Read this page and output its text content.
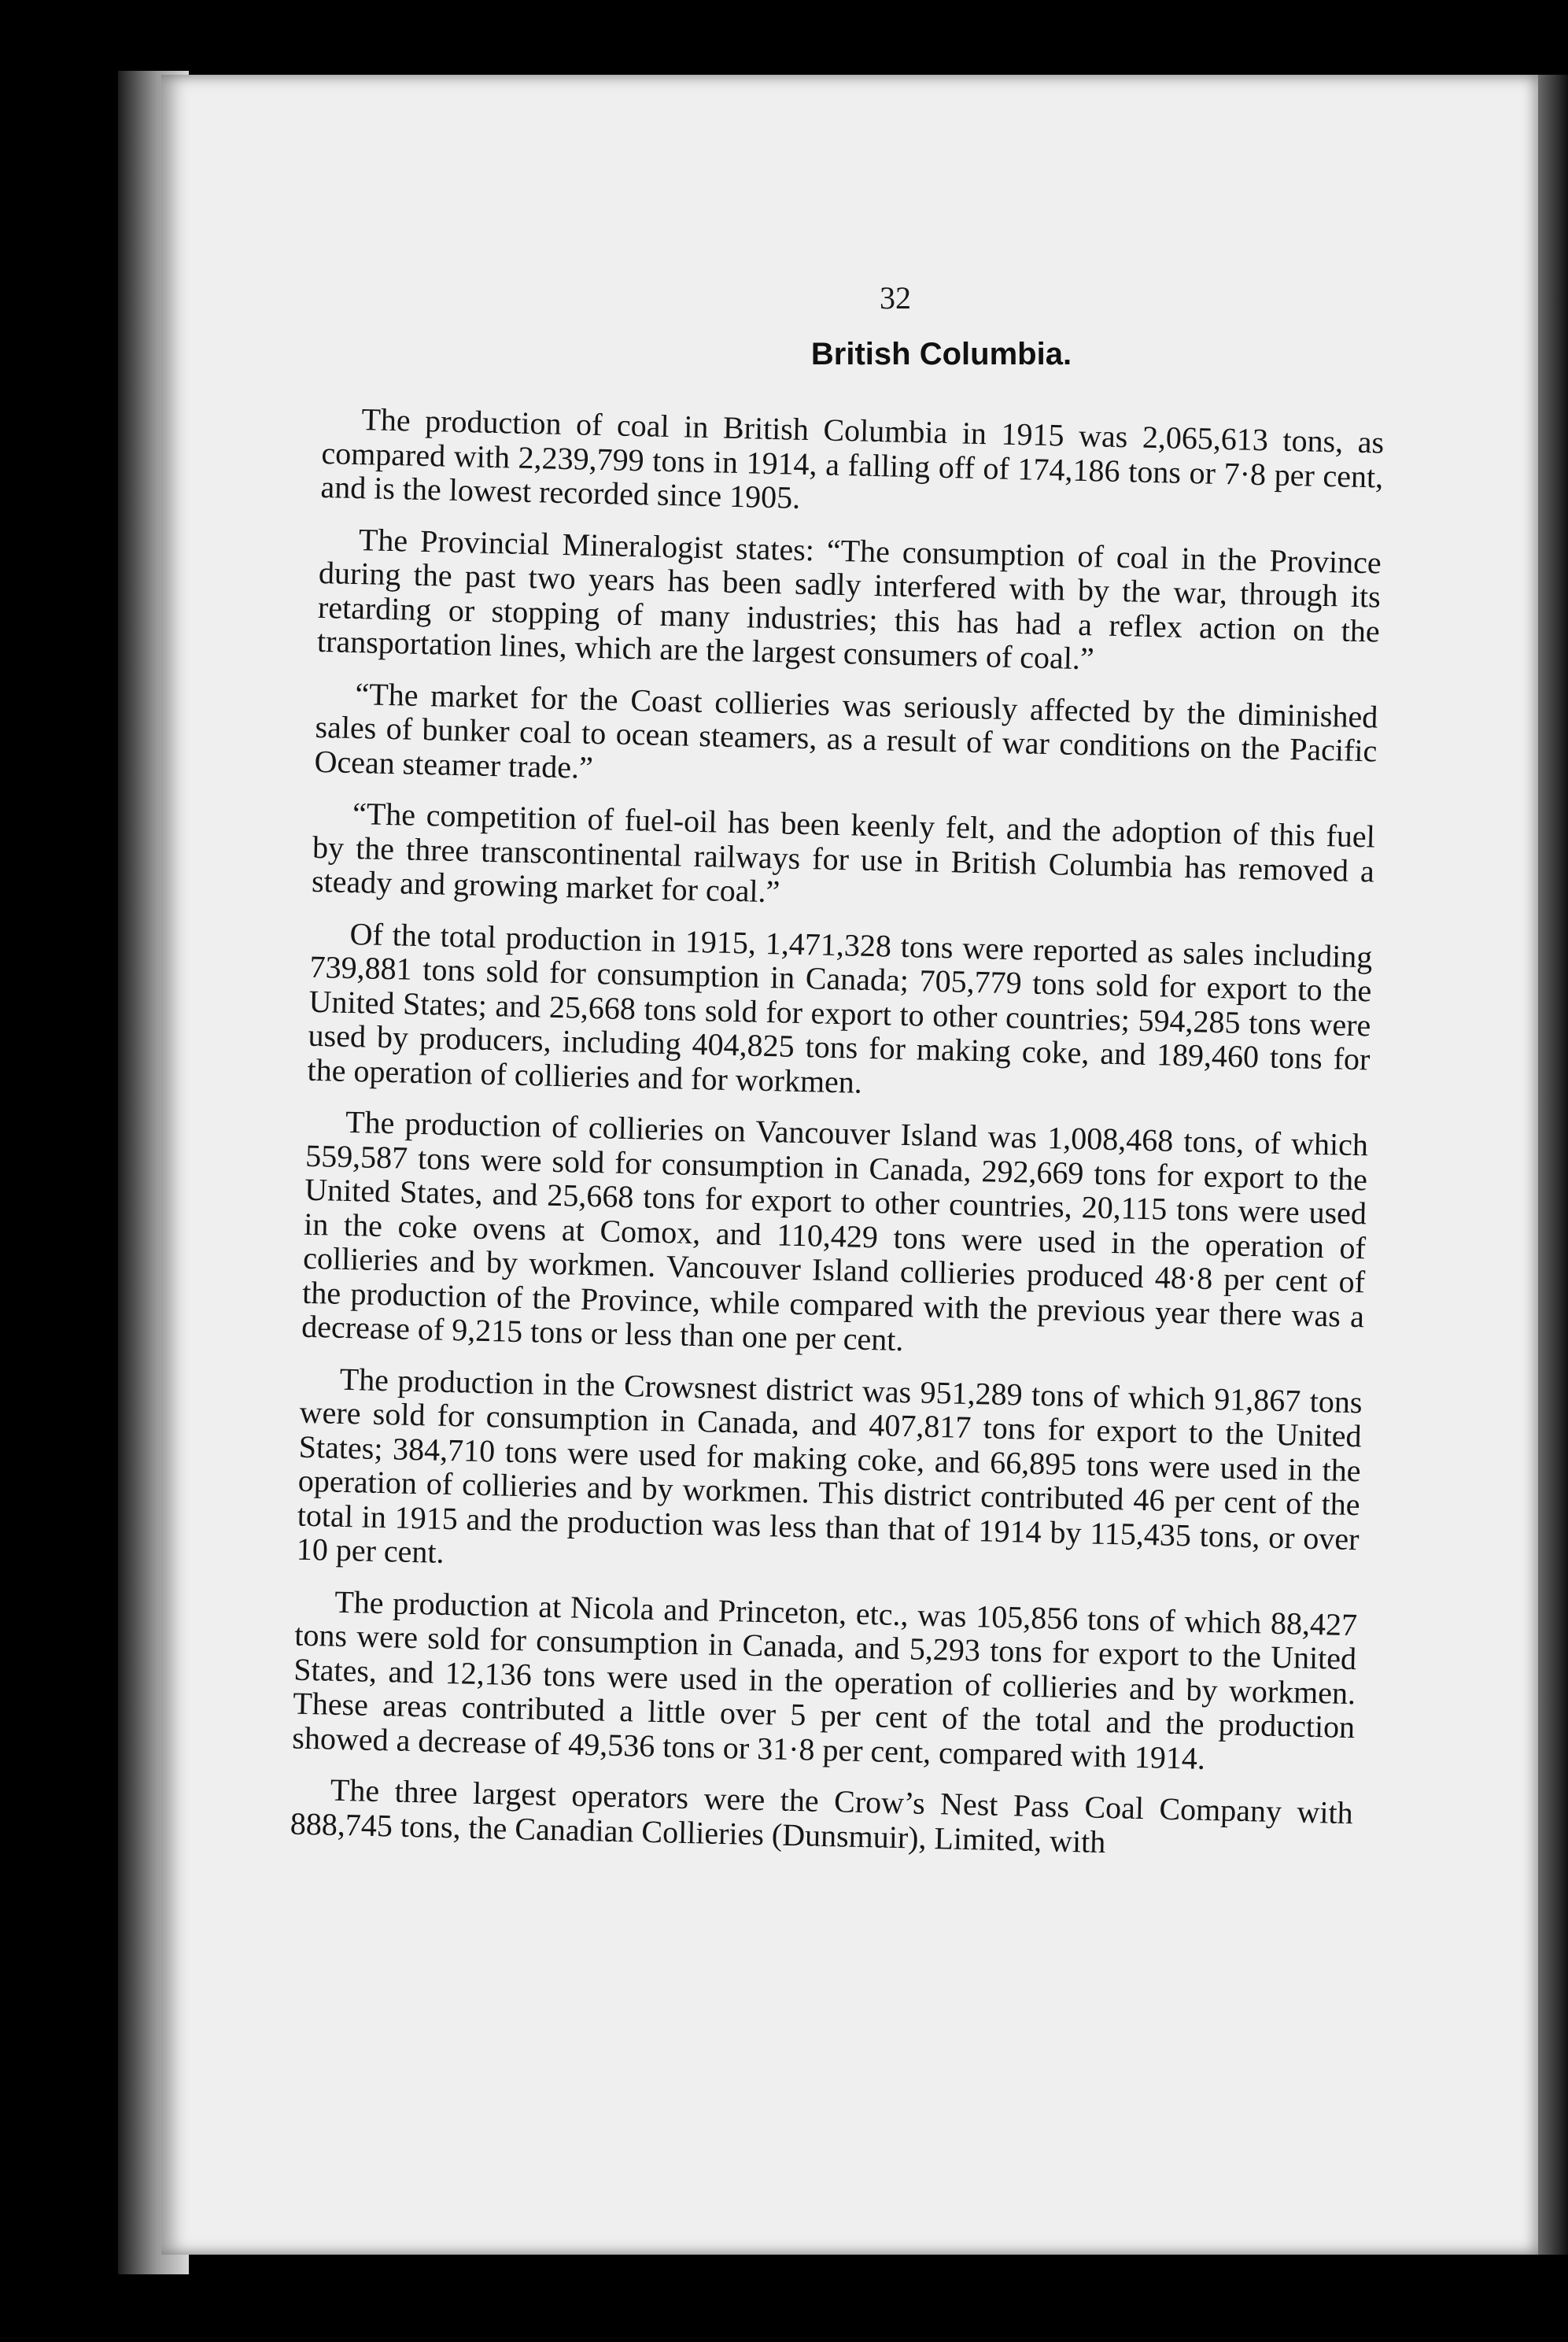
32
British Columbia.

The production of coal in British Columbia in 1915 was 2,065,613 tons, as compared with 2,239,799 tons in 1914, a falling off of 174,186 tons or 7·8 per cent, and is the lowest recorded since 1905.

The Provincial Mineralogist states: “The consumption of coal in the Province during the past two years has been sadly interfered with by the war, through its retarding or stopping of many industries; this has had a reflex action on the transportation lines, which are the largest consumers of coal.”

“The market for the Coast collieries was seriously affected by the diminished sales of bunker coal to ocean steamers, as a result of war conditions on the Pacific Ocean steamer trade.”

“The competition of fuel-oil has been keenly felt, and the adoption of this fuel by the three transcontinental railways for use in British Columbia has removed a steady and growing market for coal.”

Of the total production in 1915, 1,471,328 tons were reported as sales including 739,881 tons sold for consumption in Canada; 705,779 tons sold for export to the United States; and 25,668 tons sold for export to other countries; 594,285 tons were used by producers, including 404,825 tons for making coke, and 189,460 tons for the operation of collieries and for workmen.

The production of collieries on Vancouver Island was 1,008,468 tons, of which 559,587 tons were sold for consumption in Canada, 292,669 tons for export to the United States, and 25,668 tons for export to other countries, 20,115 tons were used in the coke ovens at Comox, and 110,429 tons were used in the operation of collieries and by workmen. Vancouver Island collieries produced 48·8 per cent of the production of the Province, while compared with the previous year there was a decrease of 9,215 tons or less than one per cent.

The production in the Crowsnest district was 951,289 tons of which 91,867 tons were sold for consumption in Canada, and 407,817 tons for export to the United States; 384,710 tons were used for making coke, and 66,895 tons were used in the operation of collieries and by workmen. This district contributed 46 per cent of the total in 1915 and the production was less than that of 1914 by 115,435 tons, or over 10 per cent.

The production at Nicola and Princeton, etc., was 105,856 tons of which 88,427 tons were sold for consumption in Canada, and 5,293 tons for export to the United States, and 12,136 tons were used in the operation of collieries and by workmen. These areas contributed a little over 5 per cent of the total and the production showed a decrease of 49,536 tons or 31·8 per cent, compared with 1914.

The three largest operators were the Crow’s Nest Pass Coal Company with 888,745 tons, the Canadian Collieries (Dunsmuir), Limited, with
